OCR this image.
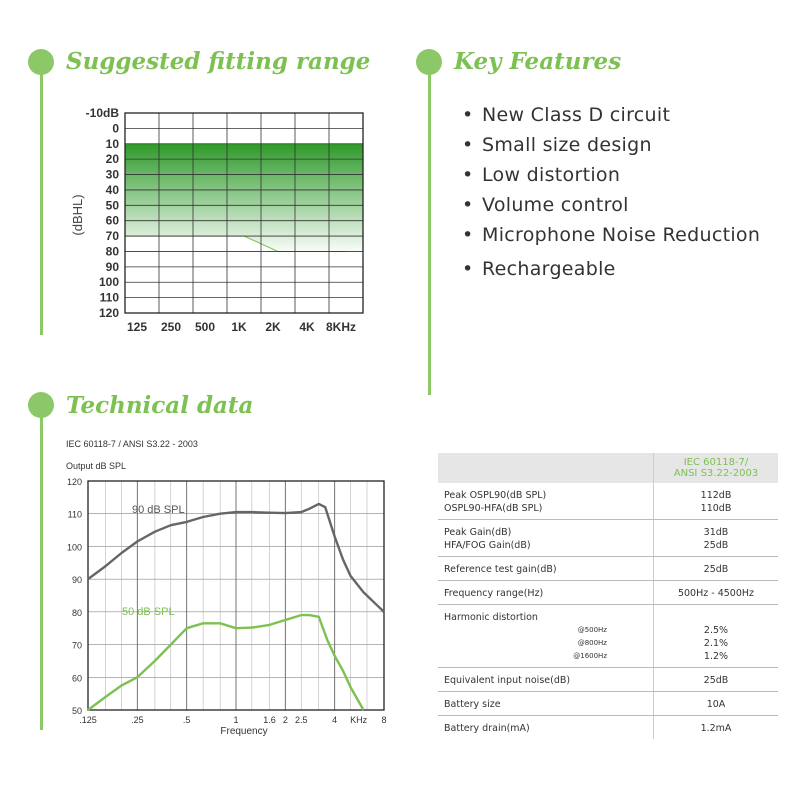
Suggested fitting range	Key Features
Technical data
• New Class D circuit
• Small size design
• Low distortion
• Volume control
• Microphone Noise Reduction
• Rechargeable
-10dB
0
10
20
30
40
50
60
70
80
90
100
110
120
125 250 500 1K 2K 4K 8KHz
(dBHL)
IEC 60118-7 / ANSI S3.22 - 2003
Output dB SPL
120
110
100
90
80
70
60
50
.125	.25	.5	1	1.6 2 2.5	4 KHz 8
Frequency
90 dB SPL
50 dB SPL
	IEC 60118-7/
ANSI S3.22-2003
Peak OSPL90(dB SPL)	112dB
OSPL90-HFA(dB SPL)	110dB
Peak Gain(dB)	31dB
HFA/FOG Gain(dB)	25dB
Reference test gain(dB)	25dB
Frequency range(Hz)	500Hz - 4500Hz
Harmonic distortion	
@500Hz	2.5%
@800Hz	2.1%
@1600Hz	1.2%
Equivalent input noise(dB)	25dB
Battery size	10A
Battery drain(mA)	1.2mA
